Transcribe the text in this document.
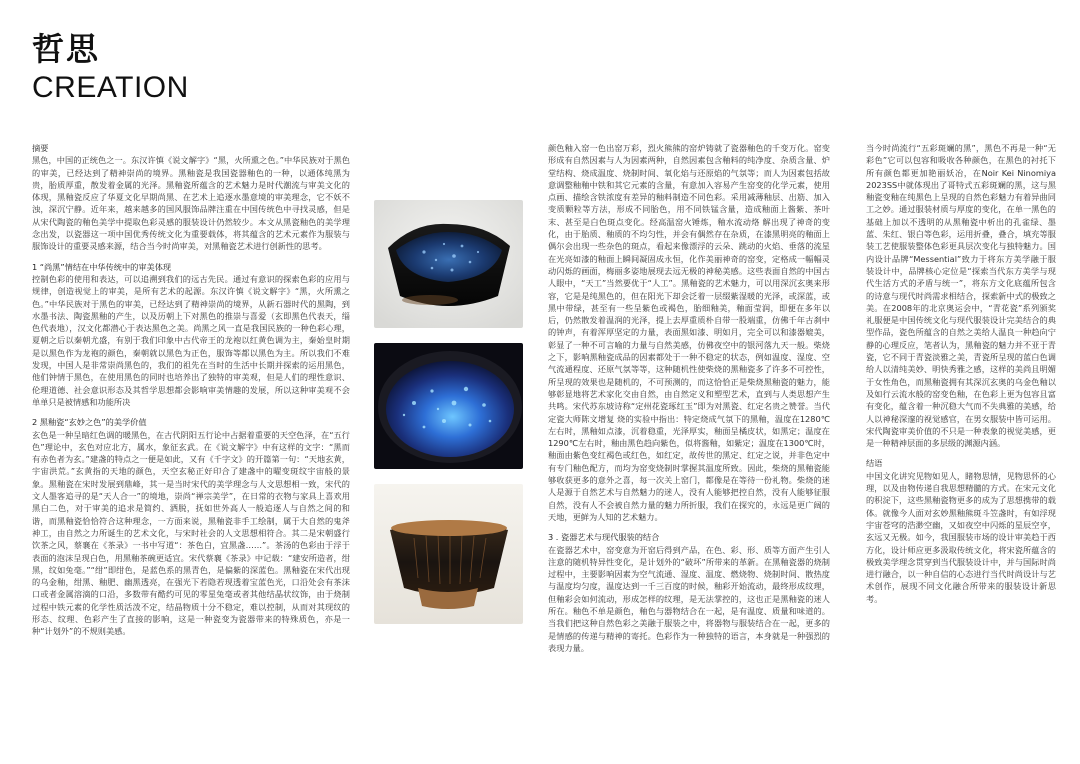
哲思
CREATION

摘要

黑色，中国的正统色之一。东汉许慎《说文解字》“黑，火所熏之色。”中华民族对于黑色的审美，已经达到了精神崇尚的境界。黑釉瓷是我国瓷器釉色的一种，以通体纯黑为贵，胎质厚重，散发着金属的光泽。黑釉瓷所蕴含的艺术魅力是时代潮流与审美文化的体现，黑釉瓷反应了华夏文化早期尚黑、在艺术上追逐水墨意境的审美理念，它不妖不浊，深沉宁静。近年来，越来越多的国风服饰品牌注重在中国传统色中寻找灵感，但是从宋代陶瓷的釉色美学中提取色彩灵感的服装设计仍然较少。本文从黑瓷釉色的美学理念出发，以瓷器这一项中国优秀传统文化为重要载体，将其蕴含的艺术元素作为服装与服饰设计的重要灵感来源，结合当今时尚审美，对黑釉瓷艺术进行创新性的思考。

1 “尚黑”情结在中华传统中的审美体现

控制色彩的使用和表达，可以追溯到我们的远古先民。通过有意识的探索色彩的应用与规律，创造视觉上的审美，是所有艺术的起源。东汉许慎《说文解字》“黑，火所熏之色。”中华民族对于黑色的审美，已经达到了精神崇尚的境界，从新石器时代的黑陶，到水墨书法、陶瓷黑釉的产生，以及历朝上下对黑色的推崇与喜爱（玄即黑色代表天，缁色代表地），汉文化都潜心于表达黑色之美。尚黑之风一直是我国民族的一种色彩心理，夏朝之后以秦朝尤盛，有别于我们印象中古代帝王的龙袍以红黄色调为主，秦始皇时期是以黑色作为龙袍的颜色，秦朝就以黑色为正色，服饰等都以黑色为主。所以我们不难发现，中国人是非常崇尚黑色的，我们的祖先在当时的生活中长期并探索的运用黑色，他们钟情于黑色，在使用黑色的同时也培养出了独特的审美观，但是人们的理性意识、伦理道德、社会意识形态及其哲学思想都会影响审美情趣的发展，所以这种审美观不会单单只是被情感和功能所决

2 黑釉瓷“玄妙之色”的美学价值

玄色是一种呈暗红色调的暖黑色，在古代阴阳五行论中占据着重要的天空色泽，在“五行色”理论中，玄色对应北方，属水，象征玄武。在《说文解字》中有这样的文字：“黑而有赤色者为玄。”建盏的特点之一便是如此，又有《千字文》的开篇第一句：“天地玄黄，宇宙洪荒。”玄黄指的天地的颜色，天空玄秘正好印合了建盏中的曜变斑纹宇宙般的景象。黑釉瓷在宋时发展到鼎峰，其一是当时宋代的美学理念与人文思想相一致，宋代的文人墨客追寻的是“天人合一”的境地，崇尚“禅宗美学”，在日常的衣物与家具上喜欢用黑白二色，对于审美的追求是简约、洒脱，抚如世外高人一般追逐人与自然之间的和谐，而黑釉瓷恰恰符合这种理念，一方面来说，黑釉瓷非手工绘制，属于大自然的鬼斧神工，由自然之力所诞生的艺术文化，与宋时社会的人文思想相符合。其二是宋朝盛行饮茶之风，蔡襄在《茶录》一书中写道“：茶色白，宜黑盏……”。茶汤的色彩由于浮于表面的泡沫呈现白色，用黑釉茶碗更适宜。宋代蔡襄《茶录》中记载：“建安所造者，绀黑，纹如兔毫。”“绀”即绀色，是蓝色系的黑青色，是偏紫的深蓝色。黑釉瓷在宋代出现的乌金釉，绀黑、釉肥、幽黑透亮，在强光下若隐若现透着宝蓝色光，口沿处会有茶沫口或者金属溶滴的口沿，多数带有酷约可见的零星兔毫或者其他结晶状纹饰，由于烧制过程中铁元素的化学性质活泼不定，结晶物质十分不稳定，难以控制，从而对其现纹的形态、纹理、色彩产生了直接的影响，这是一种瓷变为瓷器带来的特殊质色，亦是一种“计划外”的不规则美感。

颜色釉入窑一色出窑万彩，烈火熊熊的窑炉铸就了瓷器釉色的千变万化。窑变形成有自然因素与人为因素两种，自然因素包含釉料的纯净度、杂质含量、炉堂结构、烧成温度、烧制时间、氧化焰与还原焰的气氛等；而人为因素包括故意调整釉釉中铁和其它元素的含量，有意加入容易产生窑变的化学元素，使用点画、描绘含铁浓度有差异的釉料制造不同色彩。采用减薄釉层、出筋、加入变质颗粒等方法，形成不同胎色，用不同铁锰含量，造成釉面上酱紫、茶叶末、甚至是白色斑点变化。经高温窑火锤炼，釉水流动烙 解出现了神奇的变化，由于胎质、釉质的不均匀性，并会有偶然存在杂质，在漆黑明亮的釉面上偶尔会出现一些杂色的斑点，看起来像漂浮的云朵、跳动的火焰、垂落的流星在光亮如漆的釉面上瞬间凝固成永恒，化作美丽神奇的窑变，定格成一幅幅灵动闪烁的画面，梅丽多姿地展现去远无极的神秘美感。这些表面自然的中国古人眼中，“天工”当然要优于“人工”。黑釉瓷的艺术魅力，可以用深沉玄奥来形容，它是是纯黑色的，但在阳光下却会泛着一层缀紫湿暖的光泽，或深蓝，或黑中带绿，甚至有一些呈紫色或褐色，胎细釉美，釉面莹润，即便在多年以后，仍然散发着温润的光泽，提上去厚重质朴自带一股端重，仿佛千年古刹中的钟声，有着浑厚坚定的力量，表面黑如漆、明如月，完全可以和漆器媲美，彰显了一种不可言喻的力量与自然美感，仿佛夜空中的银河落九天一般。柴烧之下，影响黑釉瓷成品的因素都处于一种不稳定的状态，例如温度、湿度、空气流通程度、还原气氛等等，这种随机性使柴烧的黑釉瓷多了许多不可控性，所呈现的效果也是随机的，不可预测的，而这恰恰正是柴烧黑釉瓷的魅力，能够彰显地将艺术家化交由自然，由自然定义和塑型艺术，直到与人类思想产生共鸣。宋代苏东坡诗称“定州花瓷琢红玉”即为对黑瓷、红定名贵之赞誉。当代定瓷大师陈文增复 烧的实验中指出：特定烧成气氛下的黑釉，温度在1280℃左右时，黑釉如点漆，沉着稳重，光泽厚实，釉面呈橘皮状，如黑定；温度在1290℃左右时，釉由黑色趋向紫色，似将酱釉，如紫定；温度在1300℃时，釉面由紫色变红褐色或红色，如红定，故传世的黑定、红定之说，并非色定中有专门釉色配方，而均为窑变烧制时掌握其温度所致。因此，柴烧的黑釉瓷能够收获更多的意外之喜，每一次关上窑门，都像是在等待一份礼物。柴烧的迷人是源于自然艺术与自然魅力的迷人，没有人能够把控自然，没有人能够征服自然，没有人不会被自然力量的魅力所折服，我们在探究的，永远是更广阔的天地，更鲜为人知的艺术魅力。

3 . 瓷器艺术与现代服装的结合

在瓷器艺术中，窑变意为开窑后得到产品，在色、彩、形、质等方面产生引人注意的随机特异性变化，是计划外的“破坏”所带来的革新。在黑釉瓷器的烧制过程中，主要影响因素为空气流通、湿度、温度、燃烧物、烧制时间、散热度与温度均匀度，温度达到一千三百度的时候，釉彩开始流动，最终形成纹理，但釉彩会如何流动，形成怎样的纹理，是无法掌控的，这也正是黑釉瓷的迷人所在。釉色不单是颜色，釉色与器物结合在一起，是有温度、质量和味道的。当我们把这种自然色彩之美融于服装之中，将器物与服装结合在一起，更多的是情感的传递与精神的寄托。色彩作为一种独特的语言，本身就是一种强烈的表现力量。

当今时尚流行“五彩斑斓的黑”，黑色不再是一种“无彩色”它可以包容和吸收各种颜色，在黑色的衬托下所有颜色都更加艳丽妖冶，在Noir Kei Ninomiya 2023SS中就体现出了哥特式五彩斑斓的黑，这与黑釉瓷变釉在纯黑色上呈现的自然色彩魅力有着异曲同工之妙。通过服装材质与厚度的变化，在单一黑色的基础上加以不透明的从黑釉瓷中析出的孔雀绿、墨蓝、朱红、银白等色彩，运用折叠，叠合，填充等服装工艺使服装整体色彩更具层次变化与独特魅力。国内设计品牌“Messential”致力于将东方美学融于服装设计中，品牌核心定位是“探索当代东方美学与现代生活方式的矛盾与统一”，将东方文化底蕴所包含的诗意与现代时尚需求相结合，探索新中式的极致之美。在2008年的北京奥运会中，“青花瓷”系列颁奖礼服便是中国传统文化与现代服装设计完美结合的典型作品，瓷色所蕴含的自然之美给人温良一种趋向宁静的心理反应，笔者认为，黑釉瓷的魅力并不亚于青瓷，它不同于青瓷淡雅之美，青瓷所呈现的蓝白色调给人以清纯美妙、明快秀雅之感，这样的美尚且明媚于女性角色，而黑釉瓷拥有其深沉玄奥的乌金色釉以及如行云流水般的窑变色釉，在色彩上更为包容且富有变化，蕴含着一种沉稳大气而不失典雅的美感，给人以神秘深邃的视觉感官，在男女服装中皆可运用。宋代陶瓷审美价值的不只是一种表象的视觉美感，更是一种精神层面的多层级的渊源内涵。

结语

中国文化讲究见物如见人，睹物思情，见物思怀的心理，以及由物传递自我思想精髓的方式。在宋元文化的积淀下，这些黑釉瓷物更多的成为了思想携带的载体。就像今人面对玄妙黑釉熊斑斗笠盏时，有如浮现宇宙苍穹的浩渺空幽，又如夜空中闪烁的星辰空亨，玄远又无极。如今，我国服装市场的设计审美趋于西方化，设计师应更多汲取传统文化，将宋瓷所蕴含的极致美学理念贯穿到当代服装设计中，并与国际时尚进行融合，以一种自信的心态进行当代时尚设计与艺术创作，展现不同文化融合所带来的服装设计新思考。
